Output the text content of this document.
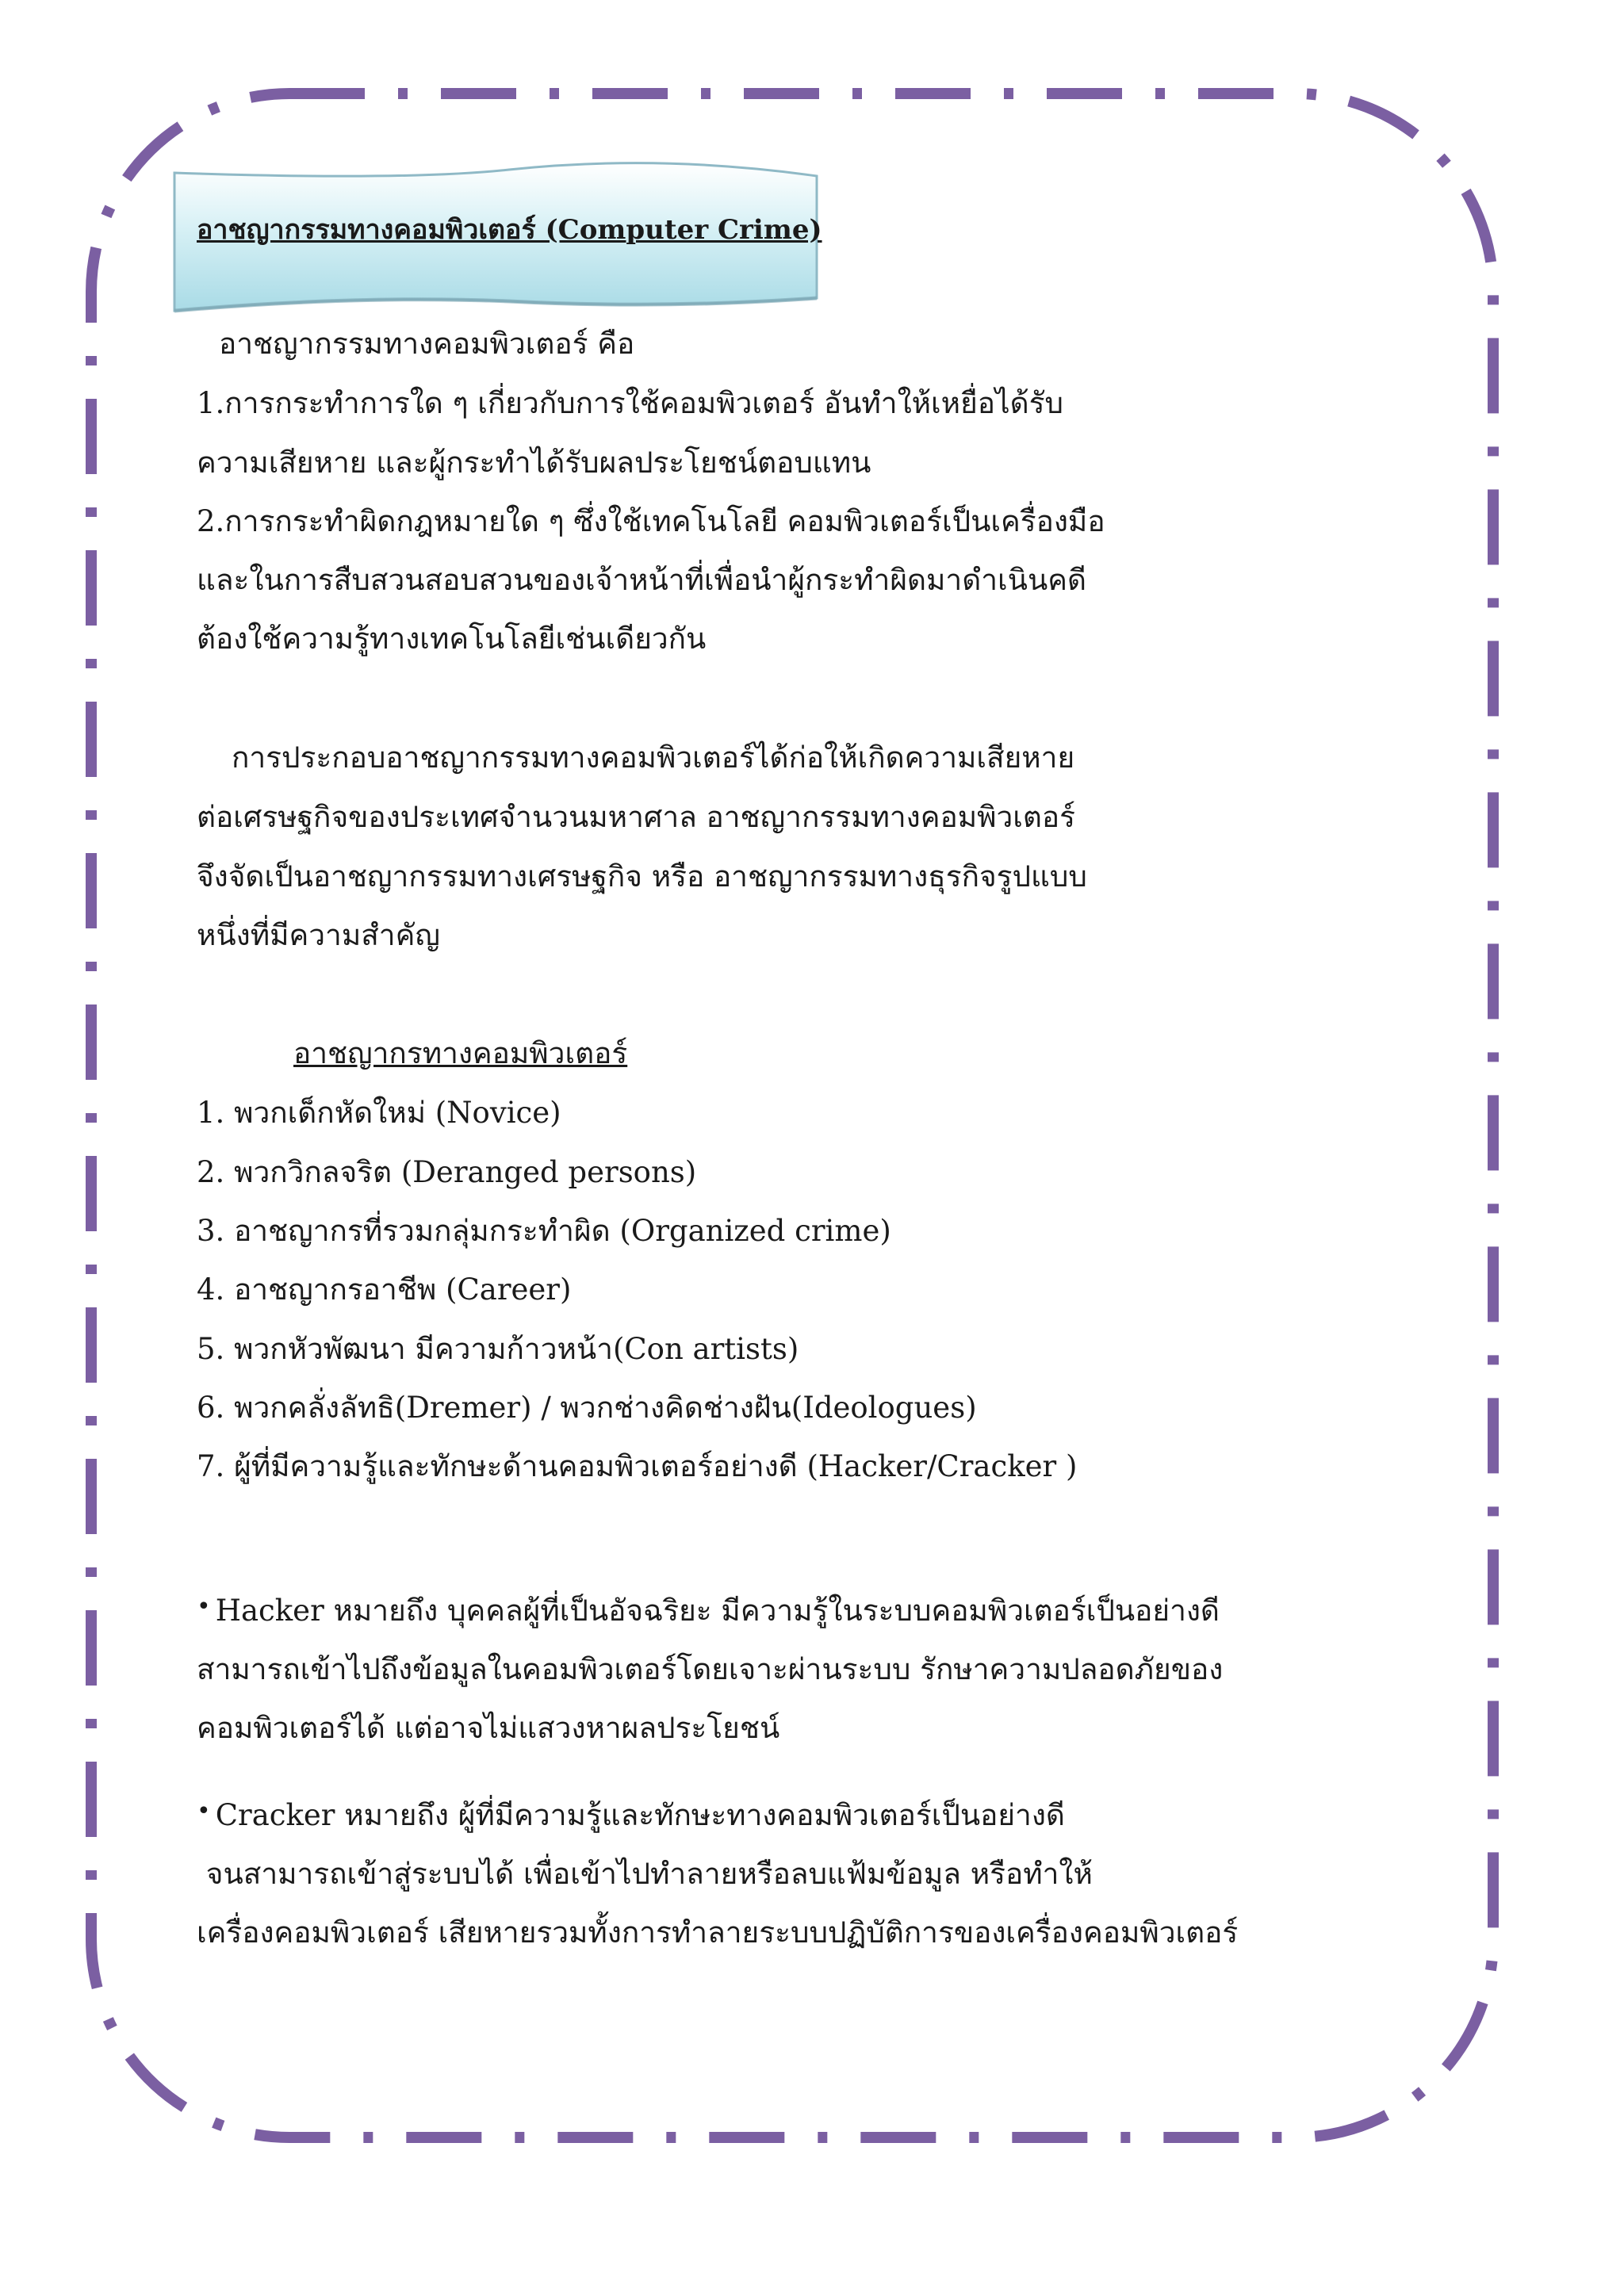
อาชญากรรมทางคอมพิวเตอร์ (Computer Crime)
อาชญากรรมทางคอมพิวเตอร์ คือ
1.การกระทำการใด ๆ เกี่ยวกับการใช้คอมพิวเตอร์ อันทำให้เหยื่อได้รับ
ความเสียหาย และผู้กระทำได้รับผลประโยชน์ตอบแทน
2.การกระทำผิดกฎหมายใด ๆ ซึ่งใช้เทคโนโลยี คอมพิวเตอร์เป็นเครื่องมือ
และในการสืบสวนสอบสวนของเจ้าหน้าที่เพื่อนำผู้กระทำผิดมาดำเนินคดี
ต้องใช้ความรู้ทางเทคโนโลยีเช่นเดียวกัน
การประกอบอาชญากรรมทางคอมพิวเตอร์ได้ก่อให้เกิดความเสียหาย
ต่อเศรษฐกิจของประเทศจำนวนมหาศาล อาชญากรรมทางคอมพิวเตอร์
จึงจัดเป็นอาชญากรรมทางเศรษฐกิจ หรือ อาชญากรรมทางธุรกิจรูปแบบ
หนึ่งที่มีความสำคัญ
อาชญากรทางคอมพิวเตอร์
1. พวกเด็กหัดใหม่ (Novice)
2. พวกวิกลจริต (Deranged persons)
3. อาชญากรที่รวมกลุ่มกระทำผิด (Organized crime)
4. อาชญากรอาชีพ (Career)
5. พวกหัวพัฒนา มีความก้าวหน้า(Con artists)
6. พวกคลั่งลัทธิ(Dremer) / พวกช่างคิดช่างฝัน(Ideologues)
7. ผู้ที่มีความรู้และทักษะด้านคอมพิวเตอร์อย่างดี (Hacker/Cracker )
• Hacker หมายถึง บุคคลผู้ที่เป็นอัจฉริยะ มีความรู้ในระบบคอมพิวเตอร์เป็นอย่างดี
สามารถเข้าไปถึงข้อมูลในคอมพิวเตอร์โดยเจาะผ่านระบบ รักษาความปลอดภัยของ
คอมพิวเตอร์ได้ แต่อาจไม่แสวงหาผลประโยชน์
• Cracker หมายถึง ผู้ที่มีความรู้และทักษะทางคอมพิวเตอร์เป็นอย่างดี
จนสามารถเข้าสู่ระบบได้ เพื่อเข้าไปทำลายหรือลบแฟ้มข้อมูล หรือทำให้
เครื่องคอมพิวเตอร์ เสียหายรวมทั้งการทำลายระบบปฏิบัติการของเครื่องคอมพิวเตอร์
